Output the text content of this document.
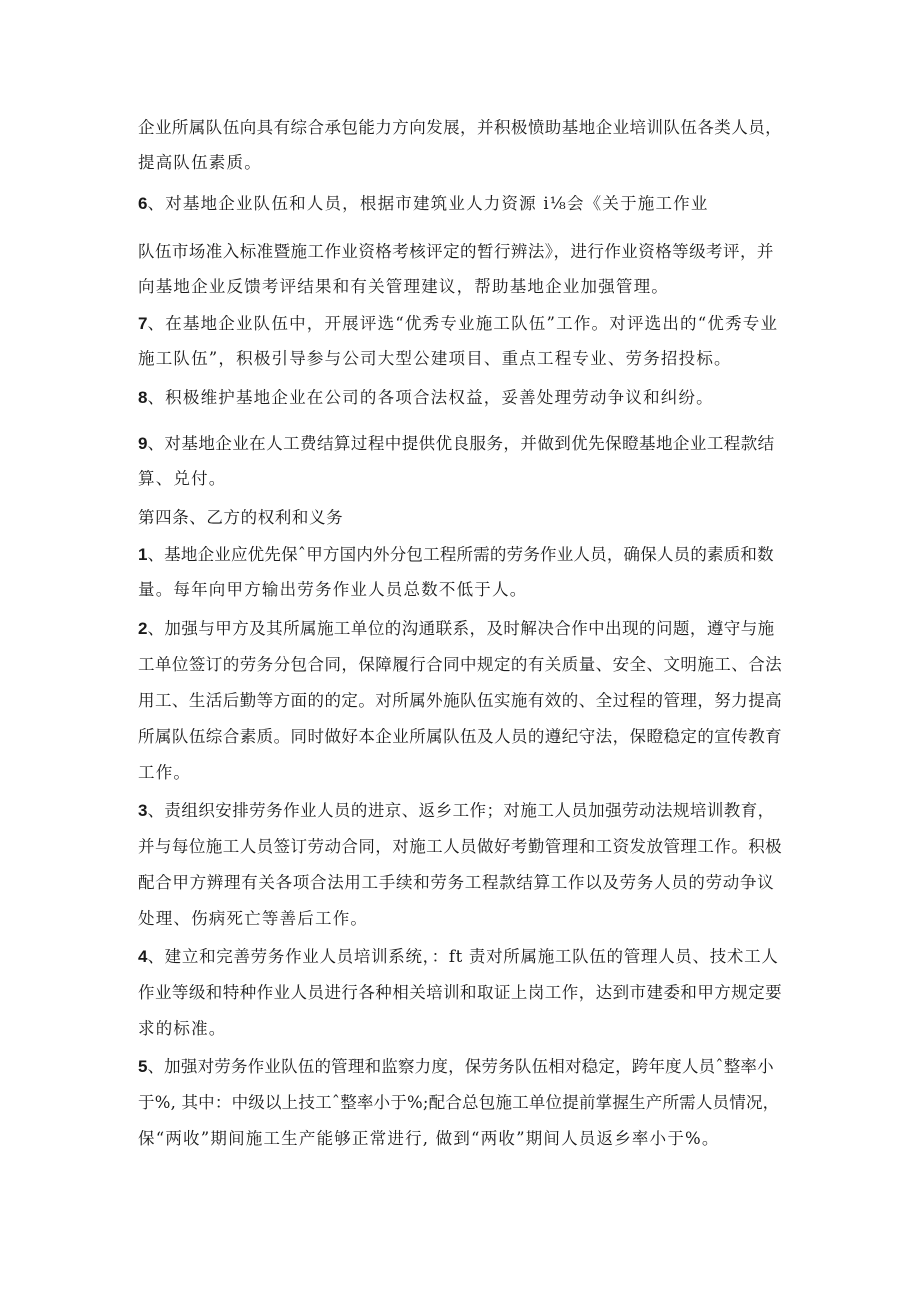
企业所属队伍向具有综合承包能力方向发展，并积极愤助基地企业培训队伍各类人员，
提高队伍素质。
6、对基地企业队伍和人员，根据市建筑业人力资源 i⅛会《关于施工作业
队伍市场准入标准暨施工作业资格考核评定的暂行辨法》，进行作业资格等级考评，并
向基地企业反馈考评结果和有关管理建议，帮助基地企业加强管理。
7、在基地企业队伍中，开展评选“优秀专业施工队伍”工作。对评选出的“优秀专业
施工队伍”，积极引导参与公司大型公建项目、重点工程专业、劳务招投标。
8、积极维护基地企业在公司的各项合法权益，妥善处理劳动争议和纠纷。
9、对基地企业在人工费结算过程中提供优良服务，并做到优先保瞪基地企业工程款结
算、兑付。
第四条、乙方的权利和义务
1、基地企业应优先保ˆ甲方国内外分包工程所需的劳务作业人员，确保人员的素质和数
量。每年向甲方输出劳务作业人员总数不低于人。
2、加强与甲方及其所属施工单位的沟通联系，及时解决合作中出现的问题，遵守与施
工单位签订的劳务分包合同，保障履行合同中规定的有关质量、安全、文明施工、合法
用工、生活后勤等方面的的定。对所属外施队伍实施有效的、全过程的管理，努力提高
所属队伍综合素质。同时做好本企业所属队伍及人员的遵纪守法，保瞪稳定的宣传教育
工作。
3、责组织安排劳务作业人员的进京、返乡工作；对施工人员加强劳动法规培训教育，
并与每位施工人员签订劳动合同，对施工人员做好考勤管理和工资发放管理工作。积极
配合甲方辨理有关各项合法用工手续和劳务工程款结算工作以及劳务人员的劳动争议
处理、伤病死亡等善后工作。
4、建立和完善劳务作业人员培训系统，：ft 责对所属施工队伍的管理人员、技术工人
作业等级和特种作业人员进行各种相关培训和取证上岗工作，达到市建委和甲方规定要
求的标准。
5、加强对劳务作业队伍的管理和监察力度，保劳务队伍相对稳定，跨年度人员ˆ整率小
于%, 其中：中级以上技工ˆ整率小于%;配合总包施工单位提前掌握生产所需人员情况，
保“两收”期间施工生产能够正常进行, 做到“两收”期间人员返乡率小于%。
